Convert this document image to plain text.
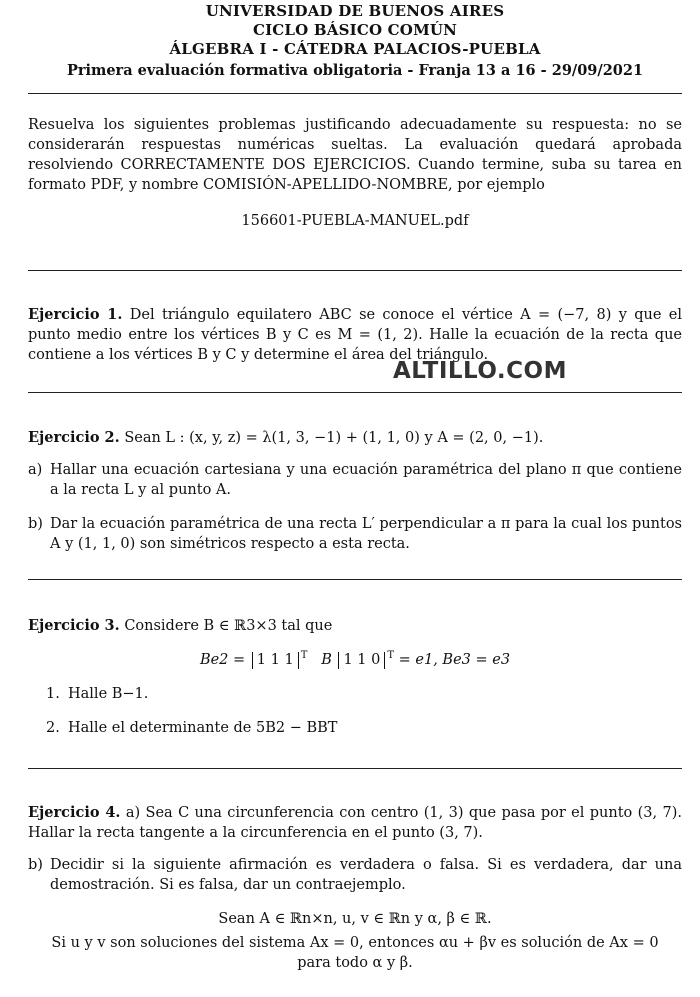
UNIVERSIDAD DE BUENOS AIRES
CICLO BÁSICO COMÚN
ÁLGEBRA I - CÁTEDRA PALACIOS-PUEBLA
Primera evaluación formativa obligatoria - Franja 13 a 16 - 29/09/2021

Resuelva los siguientes problemas justificando adecuadamente su respuesta: no se considerarán respuestas numéricas sueltas. La evaluación quedará aprobada resolviendo CORRECTAMENTE DOS EJERCICIOS. Cuando termine, suba su tarea en formato PDF, y nombre COMISIÓN-APELLIDO-NOMBRE, por ejemplo

156601-PUEBLA-MANUEL.pdf

Ejercicio 1. Del triángulo equilatero ABC se conoce el vértice A = (−7, 8) y que el punto medio entre los vértices B y C es M = (1, 2). Halle la ecuación de la recta que contiene a los vértices B y C y determine el área del triángulo.

Ejercicio 2. Sean L : (x, y, z) = λ(1, 3, −1) + (1, 1, 0) y A = (2, 0, −1).

a) Hallar una ecuación cartesiana y una ecuación paramétrica del plano π que contiene a la recta L y al punto A.
b) Dar la ecuación paramétrica de una recta L′ perpendicular a π para la cual los puntos A y (1, 1, 0) son simétricos respecto a esta recta.

Ejercicio 3. Considere B ∈ ℝ3×3 tal que

Be2 = 1 1 1 $^T$ B 1 1 0 $^T$ = e1, Be3 = e3

1. Halle B−1.
2. Halle el determinante de 5B2 − BBT
Ejercicio 4. a) Sea C una circunferencia con centro (1, 3) que pasa por el punto (3, 7). Hallar la recta tangente a la circunferencia en el punto (3, 7).
b) Decidir si la siguiente afirmación es verdadera o falsa. Si es verdadera, dar una demostración. Si es falsa, dar un contraejemplo.

Sean A ∈ ℝn×n, u, v ∈ ℝn y α, β ∈ ℝ.

Si u y v son soluciones del sistema Ax = 0, entonces αu + βv es solución de Ax = 0 para todo α y β.

ALTILLO.COM
